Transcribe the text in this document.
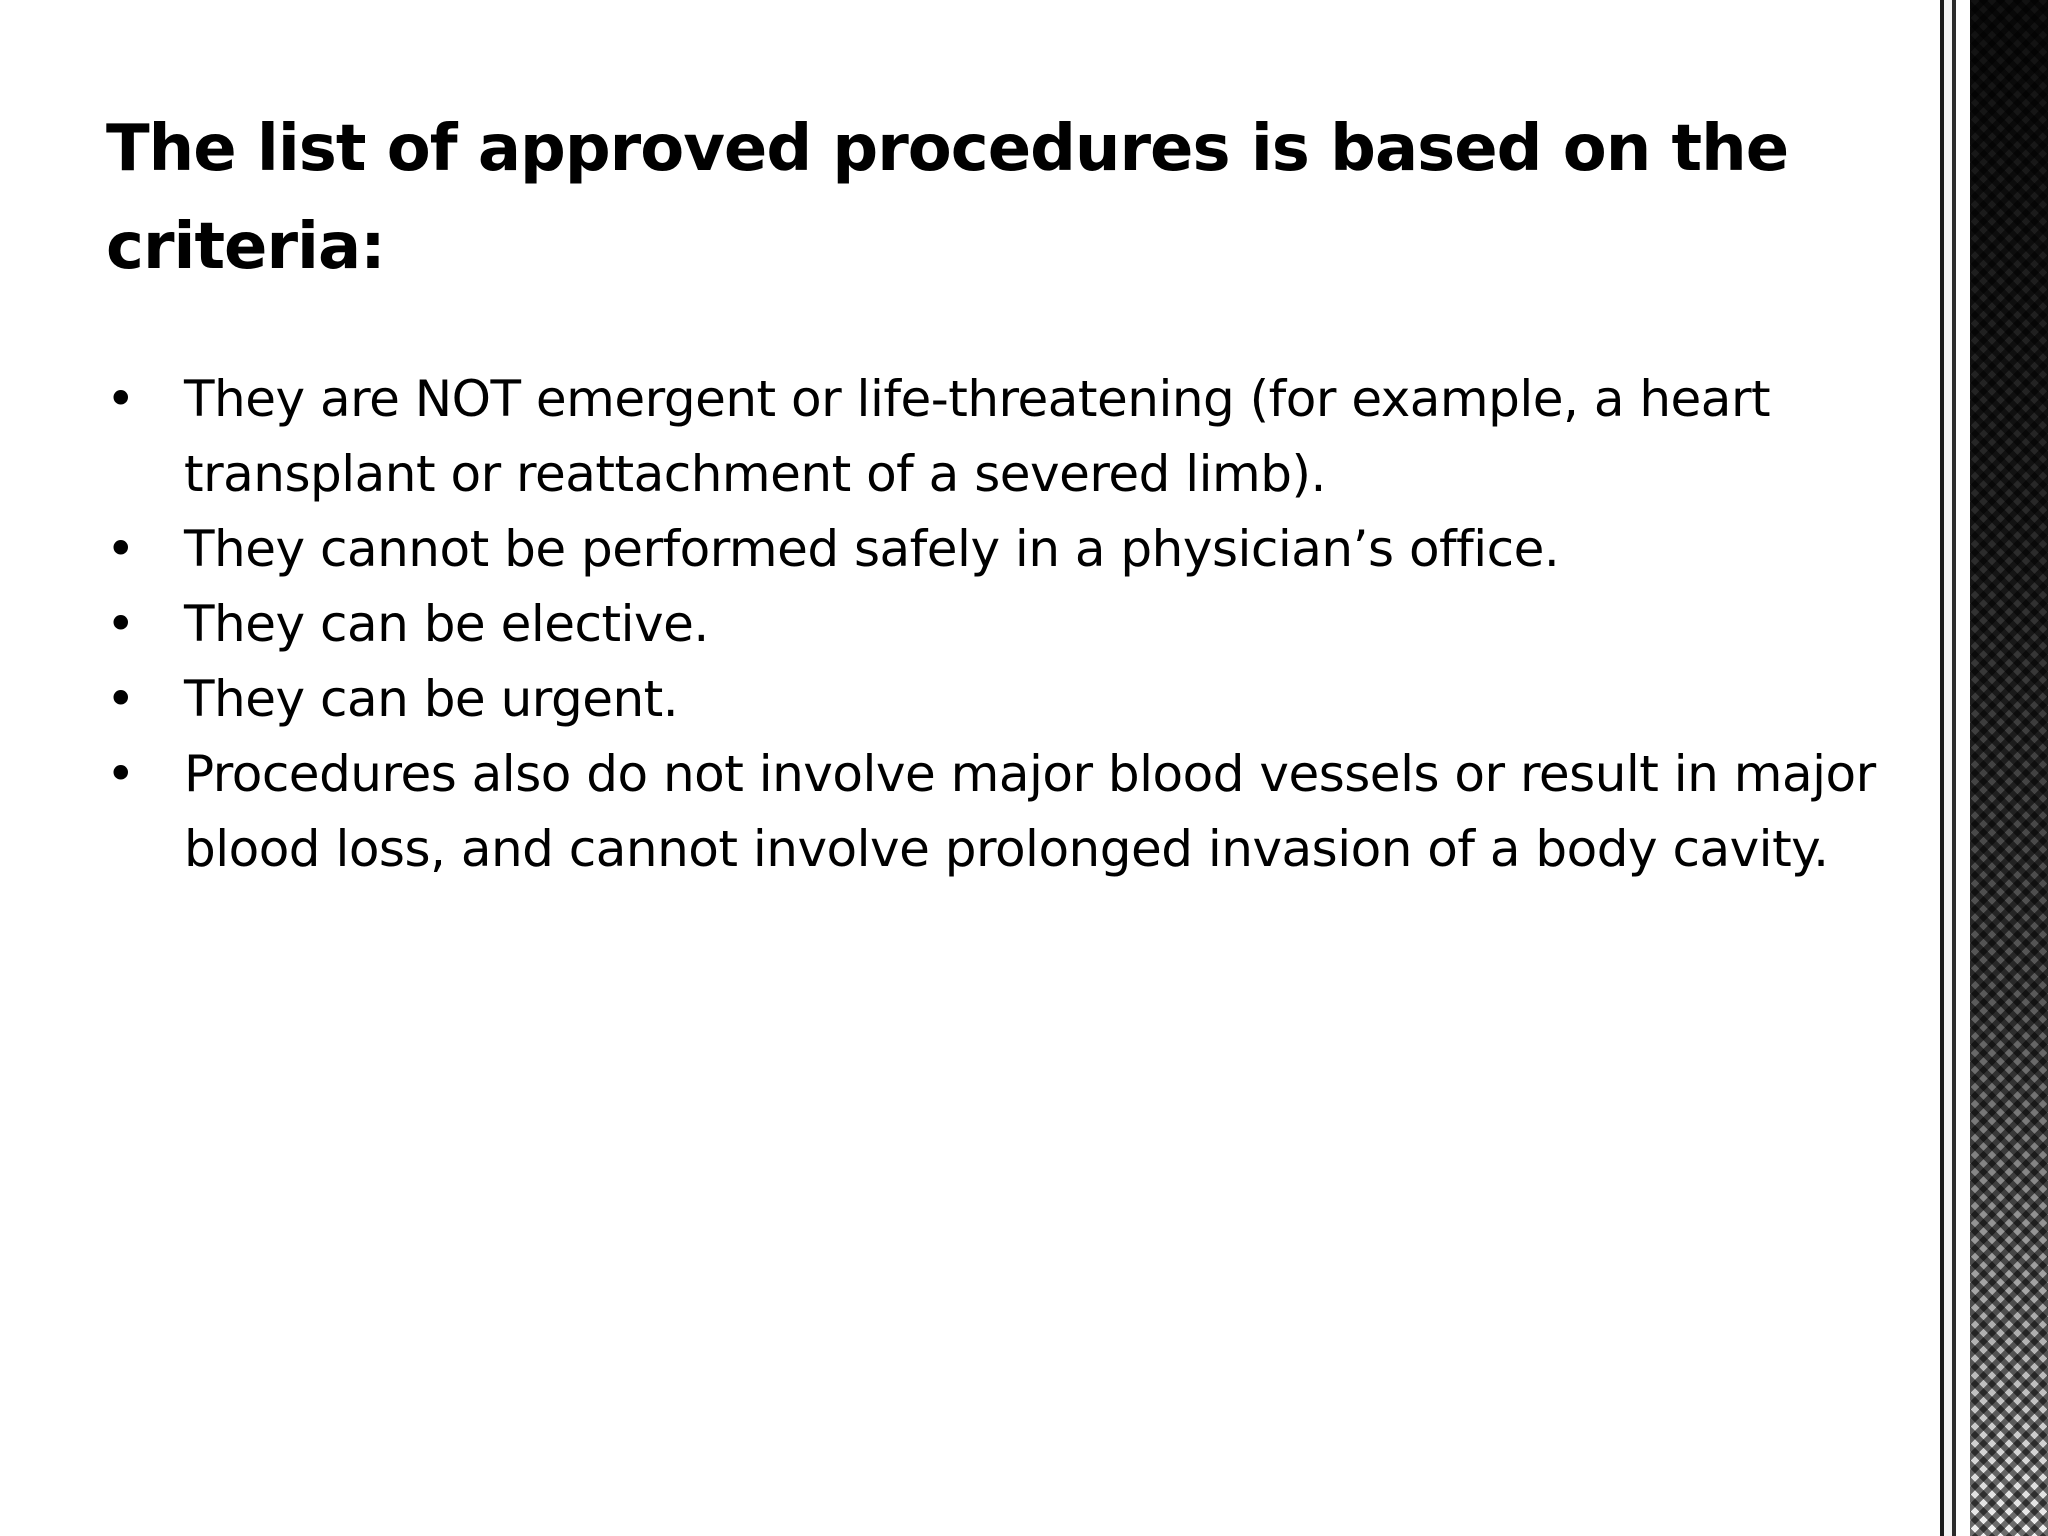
The list of approved procedures is based on the criteria:
• They are NOT emergent or life-threatening (for example, a heart transplant or reattachment of a severed limb).
• They cannot be performed safely in a physician’s office.
• They can be elective.
• They can be urgent.
• Procedures also do not involve major blood vessels or result in major blood loss, and cannot involve prolonged invasion of a body cavity.
